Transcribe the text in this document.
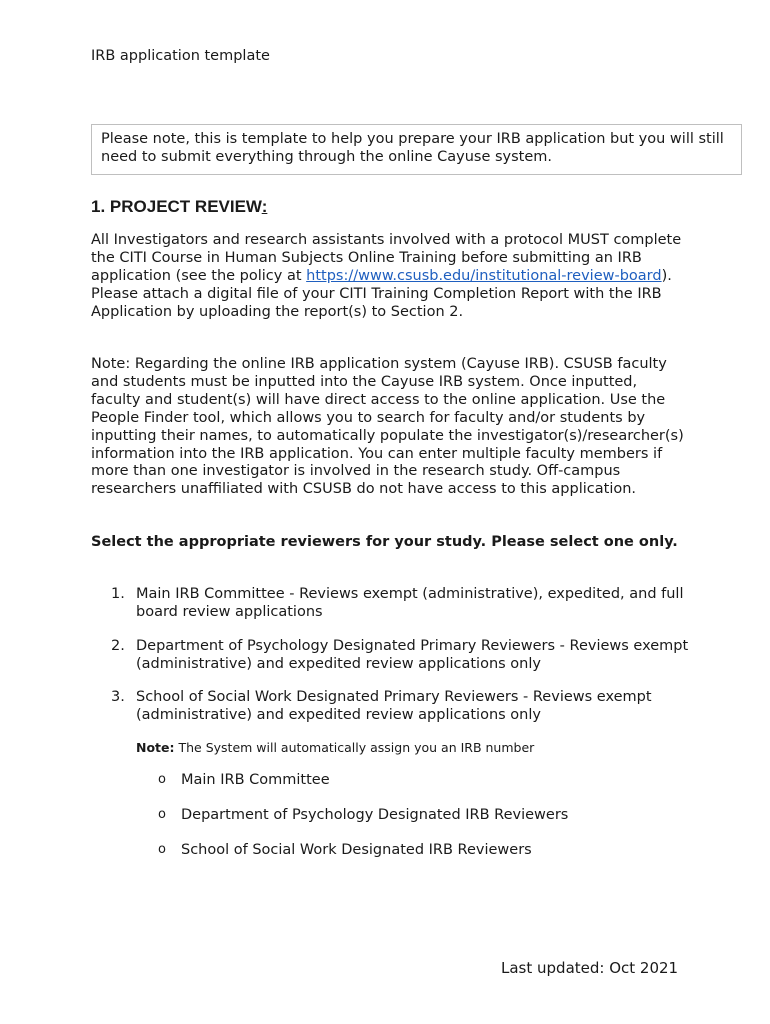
IRB application template
Please note, this is template to help you prepare your IRB application but you will still need to submit everything through the online Cayuse system.
1. PROJECT REVIEW:

All Investigators and research assistants involved with a protocol MUST complete the CITI Course in Human Subjects Online Training before submitting an IRB application (see the policy at https://www.csusb.edu/institutional-review-board). Please attach a digital file of your CITI Training Completion Report with the IRB Application by uploading the report(s) to Section 2.

Note: Regarding the online IRB application system (Cayuse IRB). CSUSB faculty and students must be inputted into the Cayuse IRB system. Once inputted, faculty and student(s) will have direct access to the online application. Use the People Finder tool, which allows you to search for faculty and/or students by inputting their names, to automatically populate the investigator(s)/researcher(s) information into the IRB application. You can enter multiple faculty members if more than one investigator is involved in the research study. Off-campus researchers unaffiliated with CSUSB do not have access to this application.

Select the appropriate reviewers for your study. Please select one only.

1. Main IRB Committee - Reviews exempt (administrative), expedited, and full board review applications
2. Department of Psychology Designated Primary Reviewers - Reviews exempt (administrative) and expedited review applications only
3. School of Social Work Designated Primary Reviewers - Reviews exempt (administrative) and expedited review applications only
Note: The System will automatically assign you an IRB number
o	Main IRB Committee
o	Department of Psychology Designated IRB Reviewers
o	School of Social Work Designated IRB Reviewers
Last updated: Oct 2021
